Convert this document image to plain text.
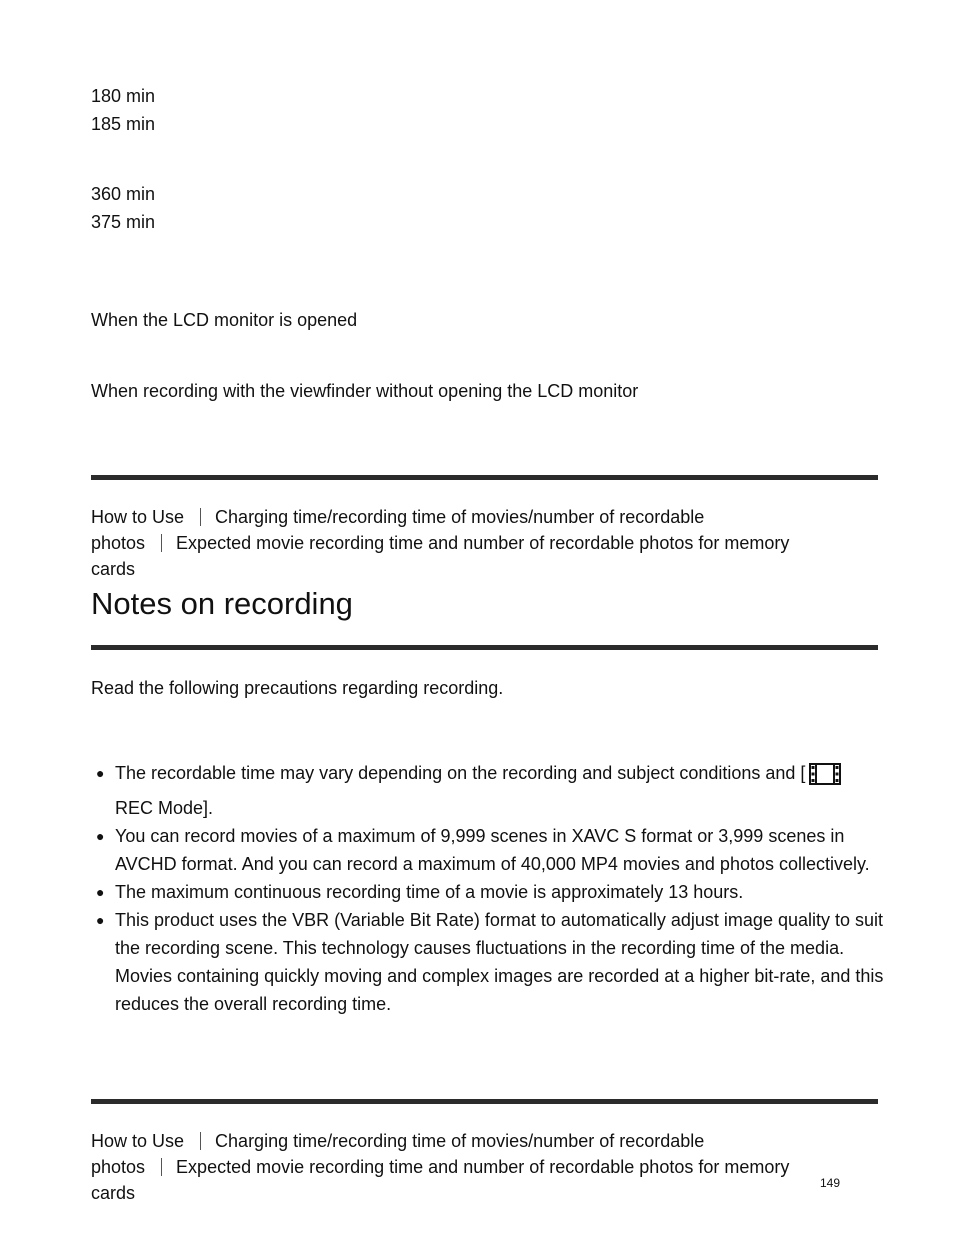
180 min
185 min
360 min
375 min
When the LCD monitor is opened
When recording with the viewfinder without opening the LCD monitor
How to Use Charging time/recording time of movies/number of recordable
photos Expected movie recording time and number of recordable photos for memory
cards
Notes on recording
Read the following precautions regarding recording.
● The recordable time may vary depending on the recording and subject conditions and [
REC Mode].
● You can record movies of a maximum of 9,999 scenes in XAVC S format or 3,999 scenes in AVCHD format. And you can record a maximum of 40,000 MP4 movies and photos collectively.
● The maximum continuous recording time of a movie is approximately 13 hours.
● This product uses the VBR (Variable Bit Rate) format to automatically adjust image quality to suit the recording scene. This technology causes fluctuations in the recording time of the media. Movies containing quickly moving and complex images are recorded at a higher bit-rate, and this reduces the overall recording time.
How to Use Charging time/recording time of movies/number of recordable
photos Expected movie recording time and number of recordable photos for memory
cards	149
